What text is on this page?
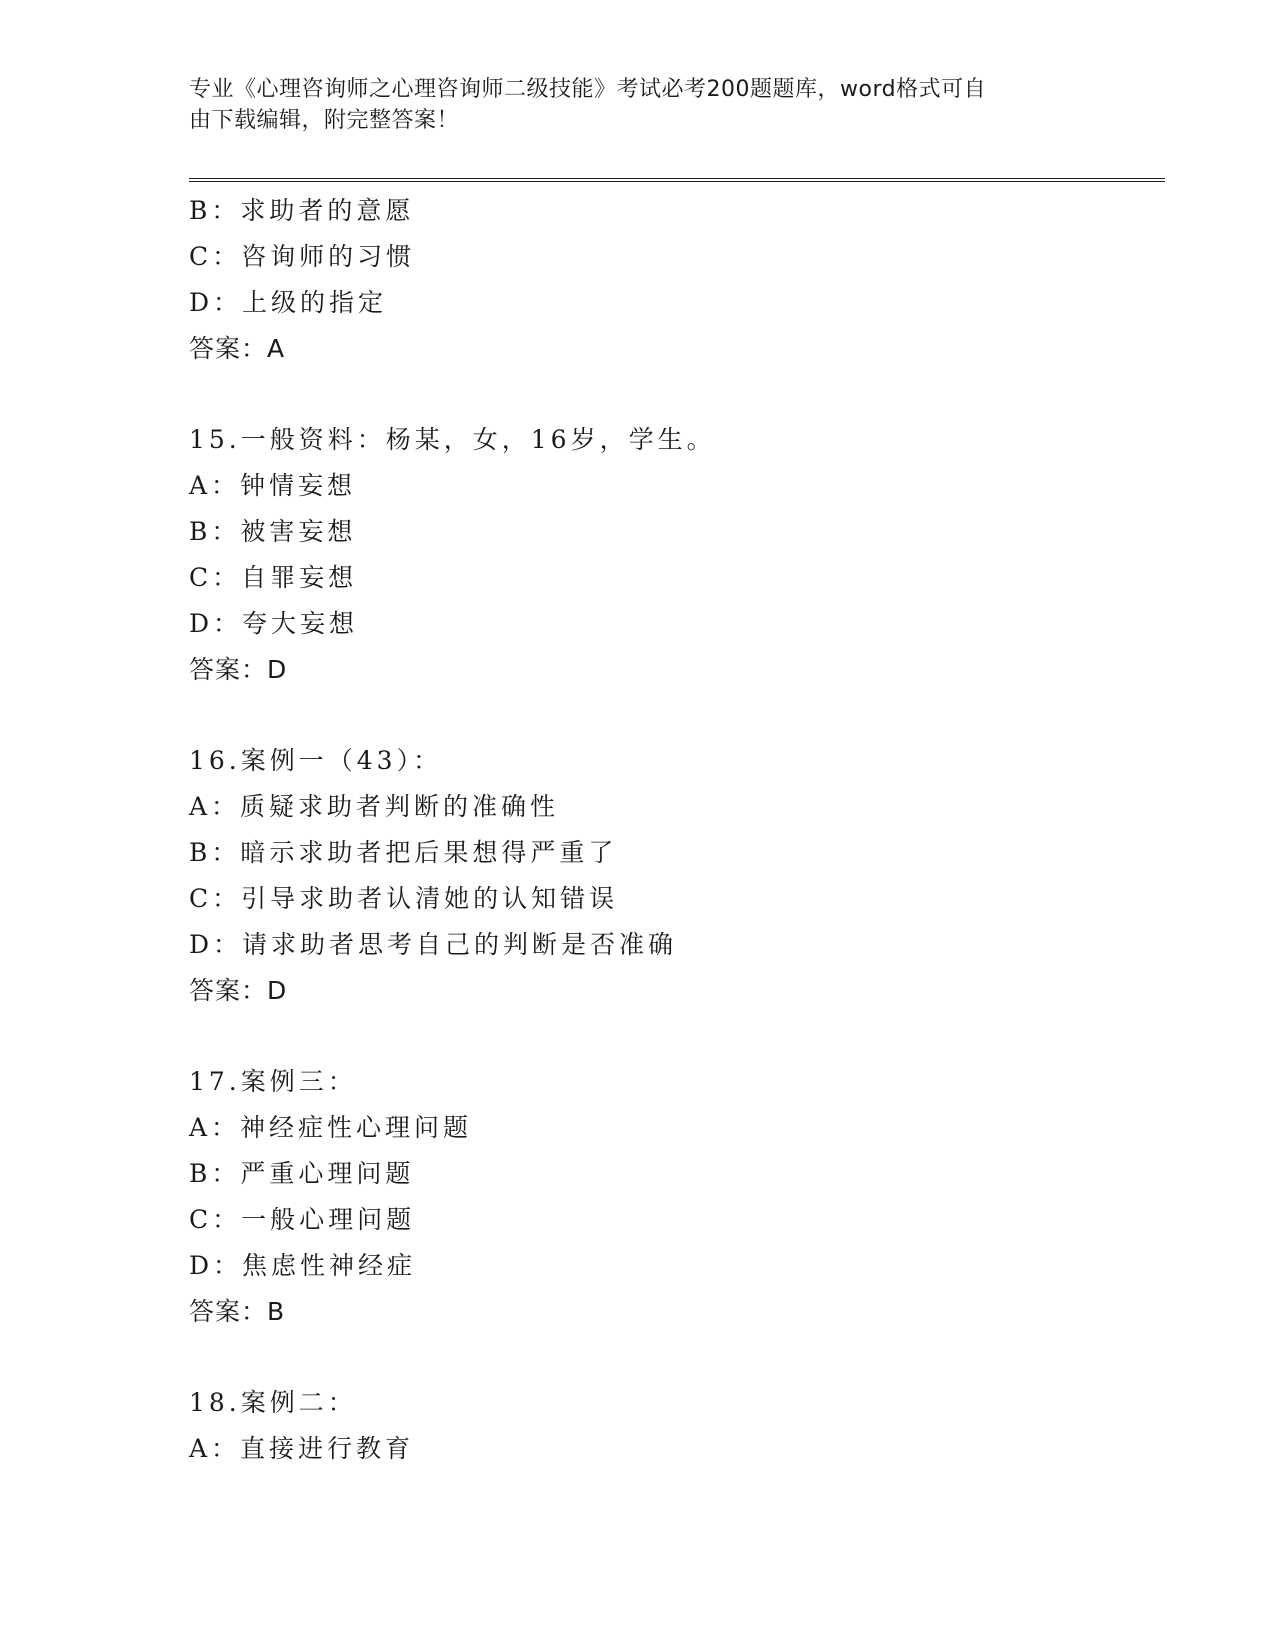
专业《心理咨询师之心理咨询师二级技能》考试必考200题题库，word格式可自
由下载编辑，附完整答案！
B：求助者的意愿
C：咨询师的习惯
D：上级的指定
答案：A
15.一般资料：杨某，女，16岁，学生。
A：钟情妄想
B：被害妄想
C：自罪妄想
D：夸大妄想
答案：D
16.案例一（43）：
A：质疑求助者判断的准确性
B：暗示求助者把后果想得严重了
C：引导求助者认清她的认知错误
D：请求助者思考自己的判断是否准确
答案：D
17.案例三：
A：神经症性心理问题
B：严重心理问题
C：一般心理问题
D：焦虑性神经症
答案：B
18.案例二：
A：直接进行教育
